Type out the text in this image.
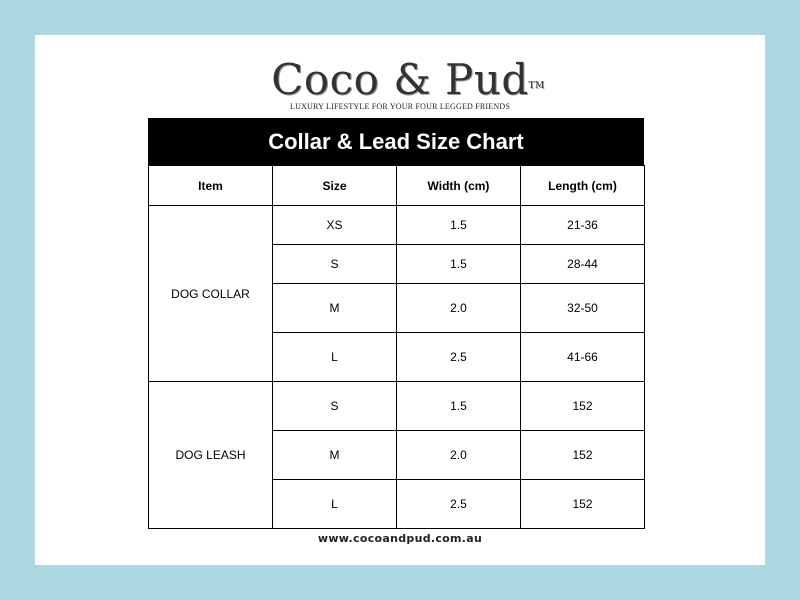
Coco & Pud TM
LUXURY LIFESTYLE FOR YOUR FOUR LEGGED FRIENDS
Collar & Lead Size Chart
Item	Size	Width (cm)	Length (cm)
DOG COLLAR	XS	1.5	21-36
	S	1.5	28-44
	M	2.0	32-50
	L	2.5	41-66
DOG LEASH	S	1.5	152
	M	2.0	152
	L	2.5	152
www.cocoandpud.com.au
